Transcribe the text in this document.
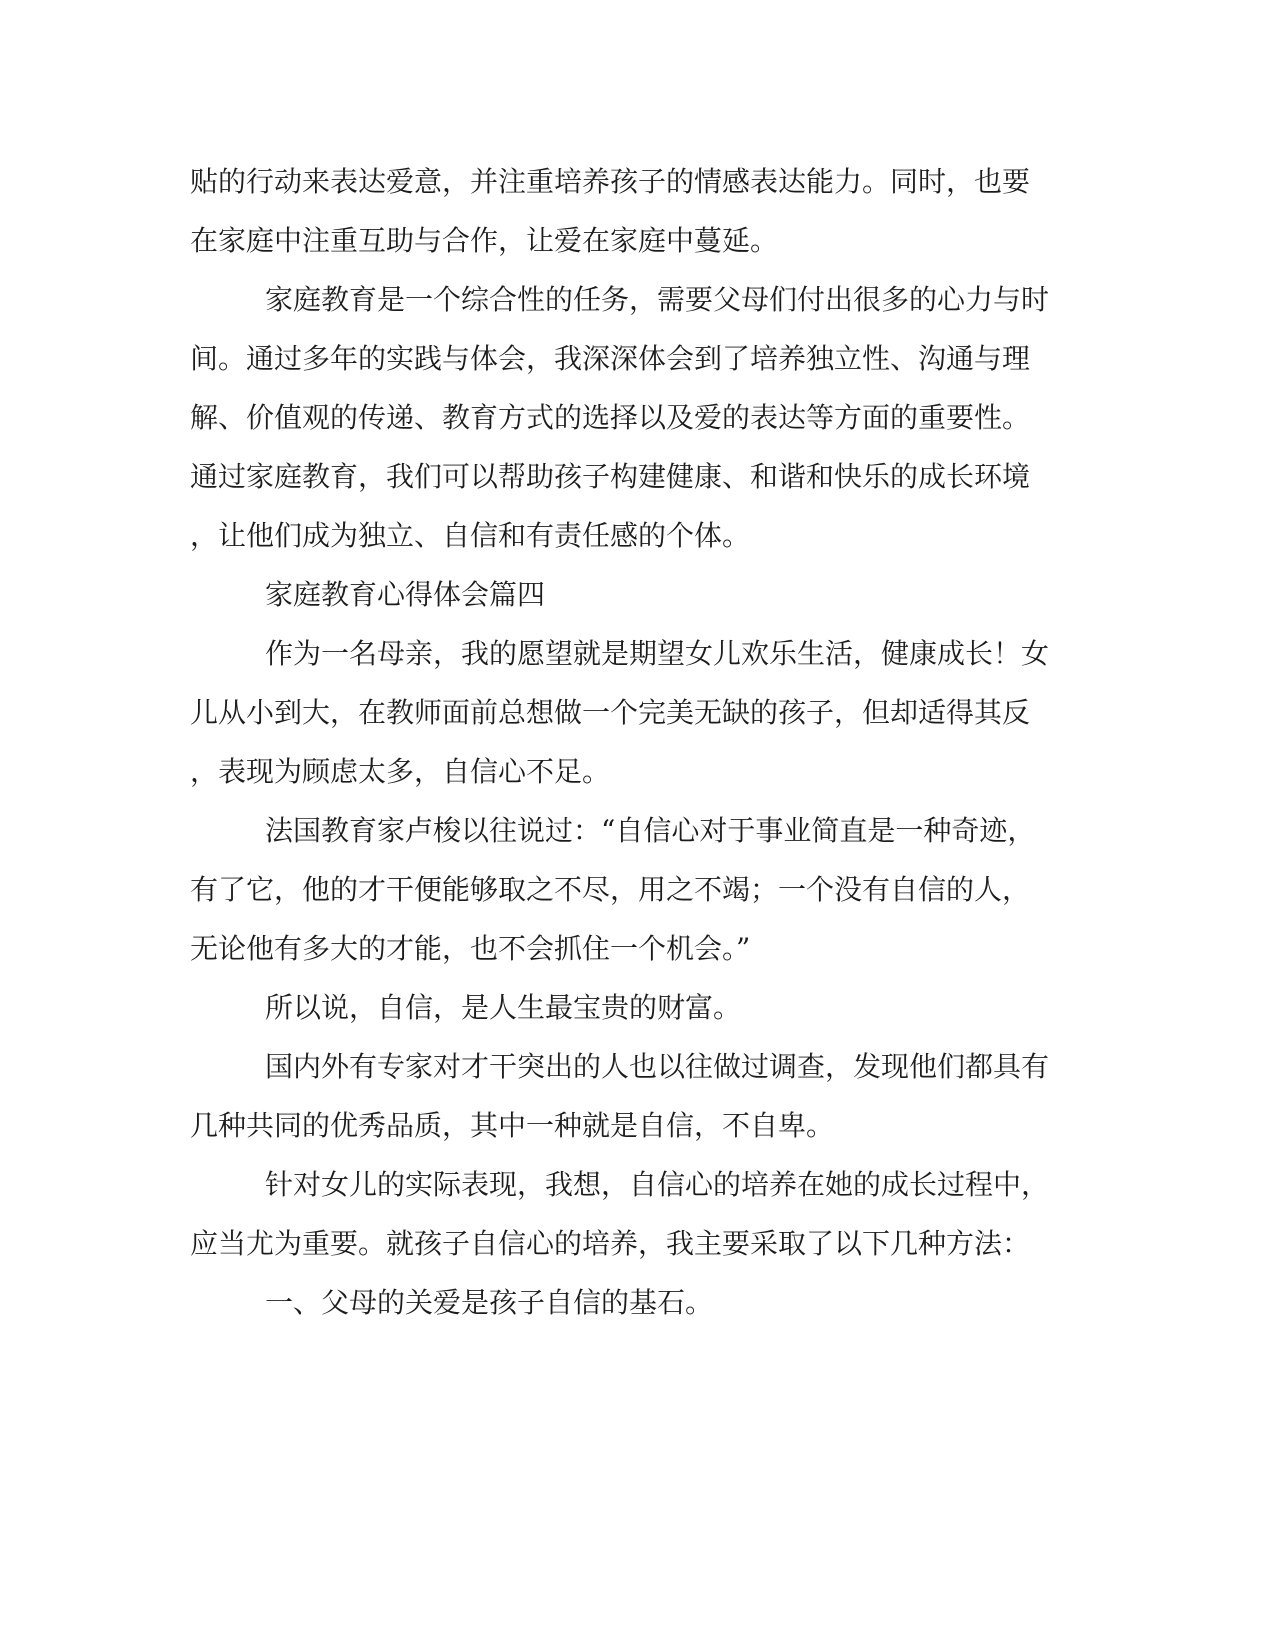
贴的行动来表达爱意，并注重培养孩子的情感表达能力。同时，也要
在家庭中注重互助与合作，让爱在家庭中蔓延。
家庭教育是一个综合性的任务，需要父母们付出很多的心力与时
间。通过多年的实践与体会，我深深体会到了培养独立性、沟通与理
解、价值观的传递、教育方式的选择以及爱的表达等方面的重要性。
通过家庭教育，我们可以帮助孩子构建健康、和谐和快乐的成长环境
，让他们成为独立、自信和有责任感的个体。
家庭教育心得体会篇四
作为一名母亲，我的愿望就是期望女儿欢乐生活，健康成长！女
儿从小到大，在教师面前总想做一个完美无缺的孩子，但却适得其反
，表现为顾虑太多，自信心不足。
法国教育家卢梭以往说过：“自信心对于事业简直是一种奇迹，
有了它，他的才干便能够取之不尽，用之不竭；一个没有自信的人，
无论他有多大的才能，也不会抓住一个机会。”
所以说，自信，是人生最宝贵的财富。
国内外有专家对才干突出的人也以往做过调查，发现他们都具有
几种共同的优秀品质，其中一种就是自信，不自卑。
针对女儿的实际表现，我想，自信心的培养在她的成长过程中，
应当尤为重要。就孩子自信心的培养，我主要采取了以下几种方法：
一、父母的关爱是孩子自信的基石。
